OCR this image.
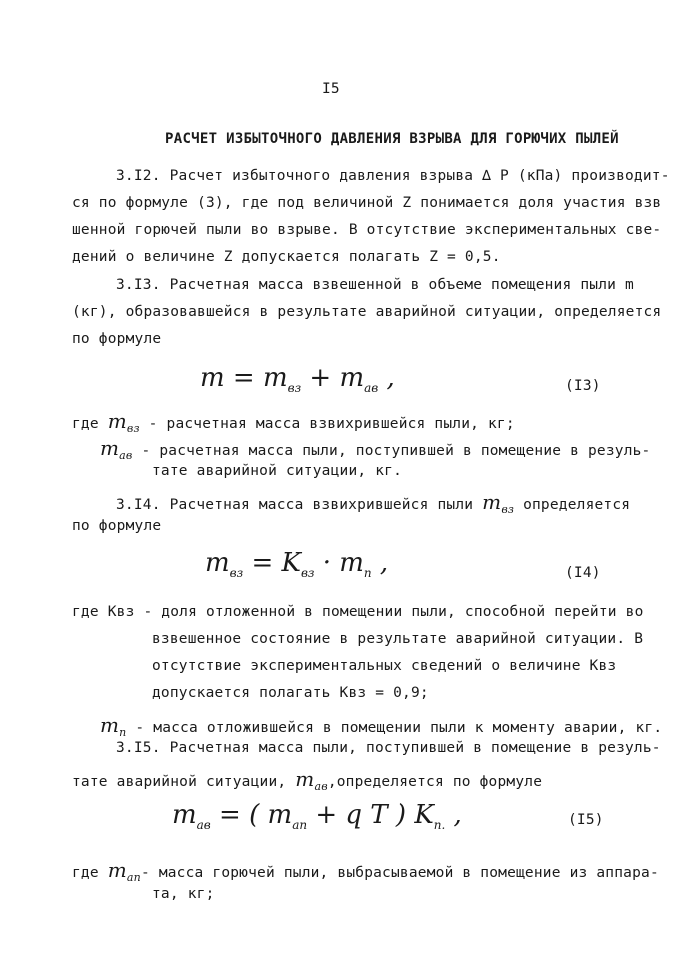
I5
РАСЧЕТ ИЗБЫТОЧНОГО ДАВЛЕНИЯ ВЗРЫВА ДЛЯ ГОРЮЧИХ ПЫЛЕЙ
3.I2. Расчет избыточного давления взрыва ∆ P (кПа) производит-
ся по формуле (3), где под величиной Z понимается доля участия взв
шенной горючей пыли во взрыве. В отсутствие экспериментальных све-
дений о величине Z допускается полагать Z = 0,5.
3.I3. Расчетная масса взвешенной в объеме помещения пыли m
(кг), образовавшейся в результате аварийной ситуации, определяется
по формуле
$m = m_{вз} + m_{ав}$ ,	(I3)
где $m_{вз}$ - расчетная масса взвихрившейся пыли, кг;
$m_{ав}$ - расчетная масса пыли, поступившей в помещение в резуль-
тате аварийной ситуации, кг.
3.I4. Расчетная масса взвихрившейся пыли $m_{вз}$ определяется
по формуле
$m_{вз} = K_{вз} \cdot m_п$ ,	(I4)
где Квз - доля отложенной в помещении пыли, способной перейти во
взвешенное состояние в результате аварийной ситуации. В
отсутствие экспериментальных сведений о величине Квз
допускается полагать Квз = 0,9;
$m_п$ - масса отложившейся в помещении пыли к моменту аварии, кг.
3.I5. Расчетная масса пыли, поступившей в помещение в резуль-
тате аварийной ситуации, $m_{ав},определяется$ по формуле
$m_{ав}$ = ( $m_{ап} + q$ T ) $K_{п.}$ ,	(I5)
где $m_{ап}-$ масса горючей пыли, выбрасываемой в помещение из аппара-
та, кг;
